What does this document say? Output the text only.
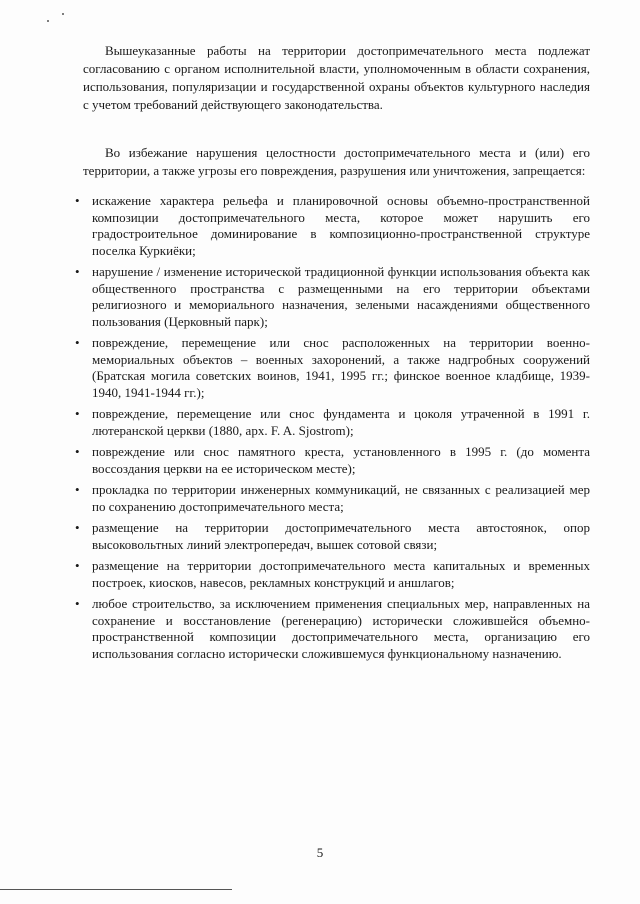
Вышеуказанные работы на территории достопримечательного места подлежат согласованию с органом исполнительной власти, уполномоченным в области сохранения, использования, популяризации и государственной охраны объектов культурного наследия с учетом требований действующего законодательства.

Во избежание нарушения целостности достопримечательного места и (или) его территории, а также угрозы его повреждения, разрушения или уничтожения, запрещается:

• искажение характера рельефа и планировочной основы объемно-пространственной композиции достопримечательного места, которое может нарушить его градостроительное доминирование в композиционно-пространственной структуре поселка Куркиёки;
• нарушение / изменение исторической традиционной функции использования объекта как общественного пространства с размещенными на его территории объектами религиозного и мемориального назначения, зелеными насаждениями общественного пользования (Церковный парк);
• повреждение, перемещение или снос расположенных на территории военно-мемориальных объектов – военных захоронений, а также надгробных сооружений (Братская могила советских воинов, 1941, 1995 гг.; финское военное кладбище, 1939-1940, 1941-1944 гг.);
• повреждение, перемещение или снос фундамента и цоколя утраченной в 1991 г. лютеранской церкви (1880, арх. F. A. Sjostrom);
• повреждение или снос памятного креста, установленного в 1995 г. (до момента воссоздания церкви на ее историческом месте);
• прокладка по территории инженерных коммуникаций, не связанных с реализацией мер по сохранению достопримечательного места;
• размещение на территории достопримечательного места автостоянок, опор высоковольтных линий электропередач, вышек сотовой связи;
• размещение на территории достопримечательного места капитальных и временных построек, киосков, навесов, рекламных конструкций и аншлагов;
• любое строительство, за исключением применения специальных мер, направленных на сохранение и восстановление (регенерацию) исторически сложившейся объемно-пространственной композиции достопримечательного места, организацию его использования согласно исторически сложившемуся функциональному назначению.
5
